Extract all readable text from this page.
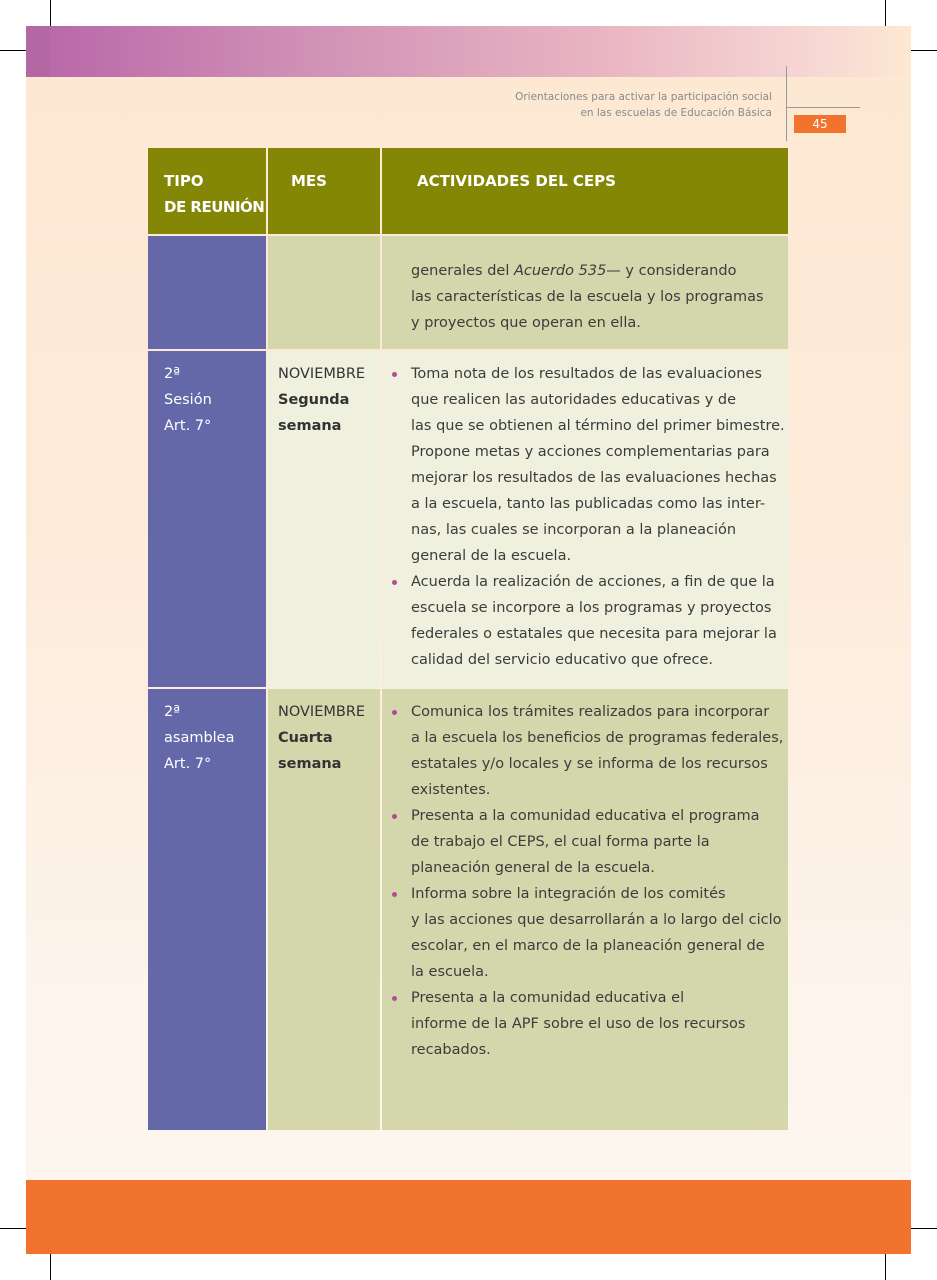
Orientaciones para activar la participación social
en las escuelas de Educación Básica
45
TIPO
DE REUNIÓN
MES	ACTIVIDADES DEL CEPS
generales del Acuerdo 535— y considerando
las características de la escuela y los programas
y proyectos que operan en ella.
2ª
Sesión
Art. 7°
NOVIEMBRE
Segunda
semana
Toma nota de los resultados de las evaluaciones
que realicen las autoridades educativas y de
las que se obtienen al término del primer bimestre.
Propone metas y acciones complementarias para
mejorar los resultados de las evaluaciones hechas
a la escuela, tanto las publicadas como las inter-
nas, las cuales se incorporan a la planeación
general de la escuela.
Acuerda la realización de acciones, a fin de que la
escuela se incorpore a los programas y proyectos
federales o estatales que necesita para mejorar la
calidad del servicio educativo que ofrece.
2ª
asamblea
Art. 7°
NOVIEMBRE
Cuarta
semana
Comunica los trámites realizados para incorporar
a la escuela los beneficios de programas federales,
estatales y/o locales y se informa de los recursos
existentes.
Presenta a la comunidad educativa el programa
de trabajo el CEPS, el cual forma parte la
planeación general de la escuela.
Informa sobre la integración de los comités
y las acciones que desarrollarán a lo largo del ciclo
escolar, en el marco de la planeación general de
la escuela.
Presenta a la comunidad educativa el
informe de la APF sobre el uso de los recursos
recabados.
